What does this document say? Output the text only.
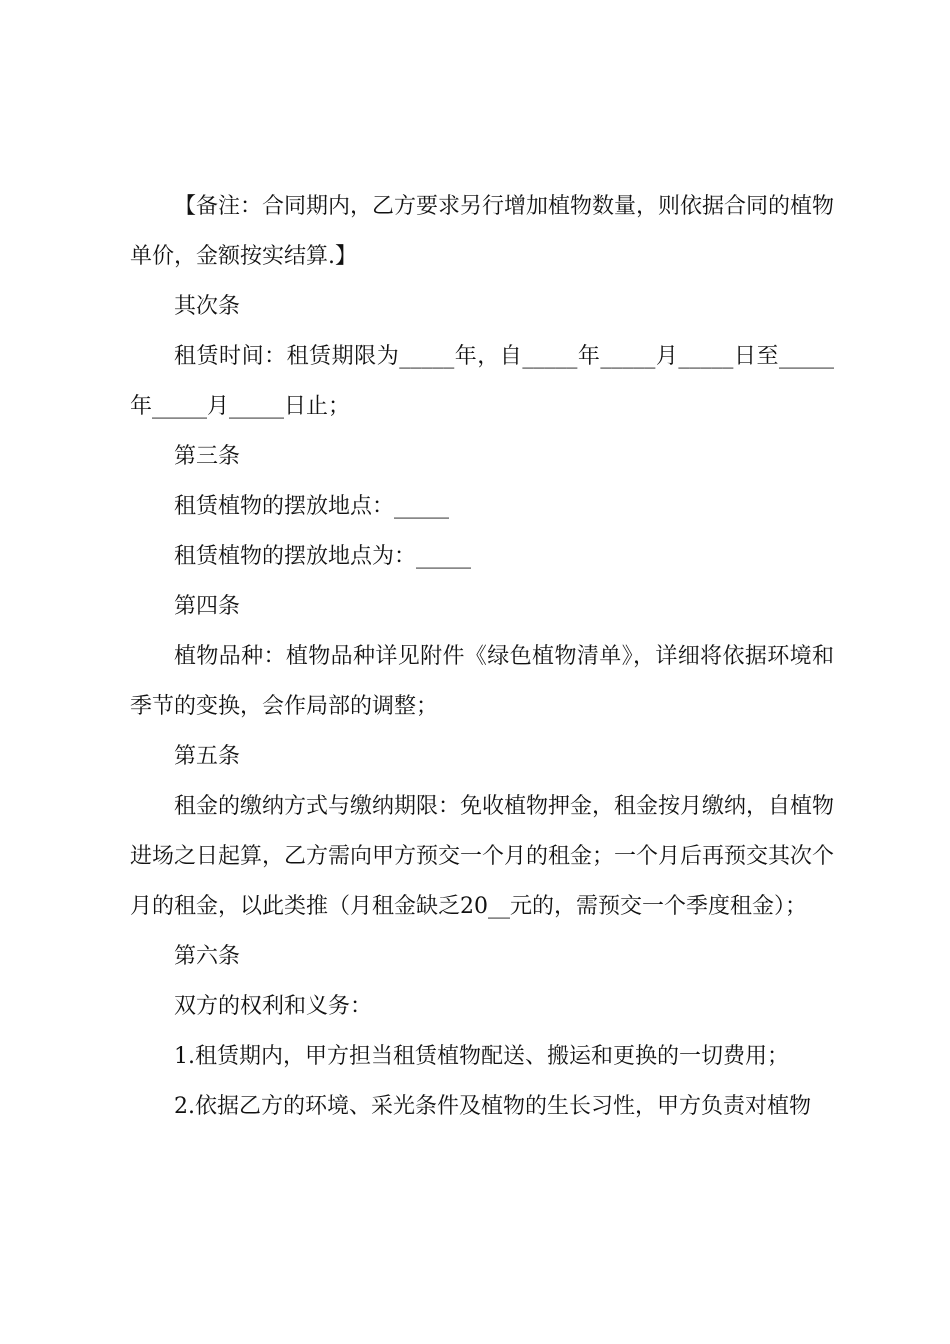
【备注：合同期内，乙方要求另行增加植物数量，则依据合同的植物单价，金额按实结算.】

其次条

租赁时间：租赁期限为_____年，自_____年_____月_____日至_____年_____月_____日止；

第三条

租赁植物的摆放地点：_____

租赁植物的摆放地点为：_____

第四条

植物品种：植物品种详见附件《绿色植物清单》，详细将依据环境和季节的变换，会作局部的调整；

第五条

租金的缴纳方式与缴纳期限：免收植物押金，租金按月缴纳，自植物进场之日起算，乙方需向甲方预交一个月的租金；一个月后再预交其次个月的租金，以此类推（月租金缺乏20__元的，需预交一个季度租金）；

第六条

双方的权利和义务：

1.租赁期内，甲方担当租赁植物配送、搬运和更换的一切费用；

2.依据乙方的环境、采光条件及植物的生长习性，甲方负责对植物
